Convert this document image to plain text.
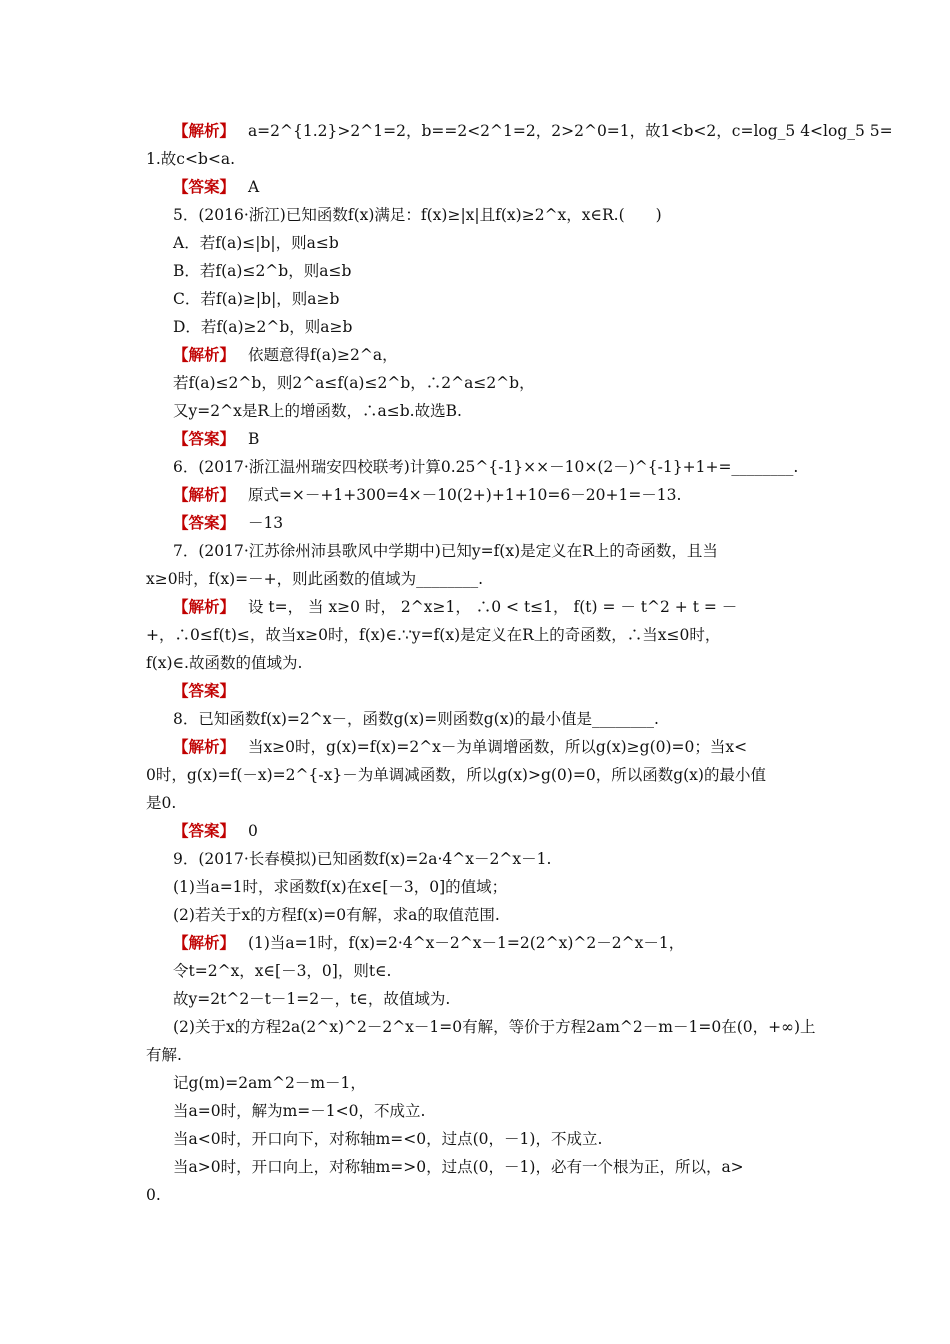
【解析】 a=2^{1.2}>2^1=2，b==2<2^1=2，2>2^0=1，故1<b<2，c=log_5 4<log_5 5=
1.故c<b<a.
【答案】 A
5．(2016·浙江)已知函数f(x)满足：f(x)≥|x|且f(x)≥2^x，x∈R.(　　)
A．若f(a)≤|b|，则a≤b
B．若f(a)≤2^b，则a≤b
C．若f(a)≥|b|，则a≥b
D．若f(a)≥2^b，则a≥b
【解析】 依题意得f(a)≥2^a，
若f(a)≤2^b，则2^a≤f(a)≤2^b，∴2^a≤2^b，
又y=2^x是R上的增函数，∴a≤b.故选B.
【答案】 B
6．(2017·浙江温州瑞安四校联考)计算0.25^{-1}××－10×(2－)^{-1}+1+=________.
【解析】 原式=×－+1+300=4×－10(2+)+1+10=6－20+1=－13.
【答案】 －13
7．(2017·江苏徐州沛县歌风中学期中)已知y=f(x)是定义在R上的奇函数，且当
x≥0时，f(x)=－+，则此函数的值域为________.
【解析】 设 t=， 当 x≥0 时， 2^x≥1， ∴0 < t≤1， f(t) = － t^2 + t = －
+，∴0≤f(t)≤，故当x≥0时，f(x)∈.∵y=f(x)是定义在R上的奇函数，∴当x≤0时，
f(x)∈.故函数的值域为.
【答案】
8．已知函数f(x)=2^x－，函数g(x)=则函数g(x)的最小值是________.
【解析】 当x≥0时，g(x)=f(x)=2^x－为单调增函数，所以g(x)≥g(0)=0；当x<
0时，g(x)=f(－x)=2^{-x}－为单调减函数，所以g(x)>g(0)=0，所以函数g(x)的最小值
是0.
【答案】 0
9．(2017·长春模拟)已知函数f(x)=2a·4^x－2^x－1.
(1)当a=1时，求函数f(x)在x∈[－3，0]的值域；
(2)若关于x的方程f(x)=0有解，求a的取值范围.
【解析】 (1)当a=1时，f(x)=2·4^x－2^x－1=2(2^x)^2－2^x－1，
令t=2^x，x∈[－3，0]，则t∈.
故y=2t^2－t－1=2－，t∈，故值域为.
(2)关于x的方程2a(2^x)^2－2^x－1=0有解，等价于方程2am^2－m－1=0在(0，+∞)上
有解.
记g(m)=2am^2－m－1，
当a=0时，解为m=－1<0，不成立.
当a<0时，开口向下，对称轴m=<0，过点(0，－1)，不成立.
当a>0时，开口向上，对称轴m=>0，过点(0，－1)，必有一个根为正，所以，a>
0.
